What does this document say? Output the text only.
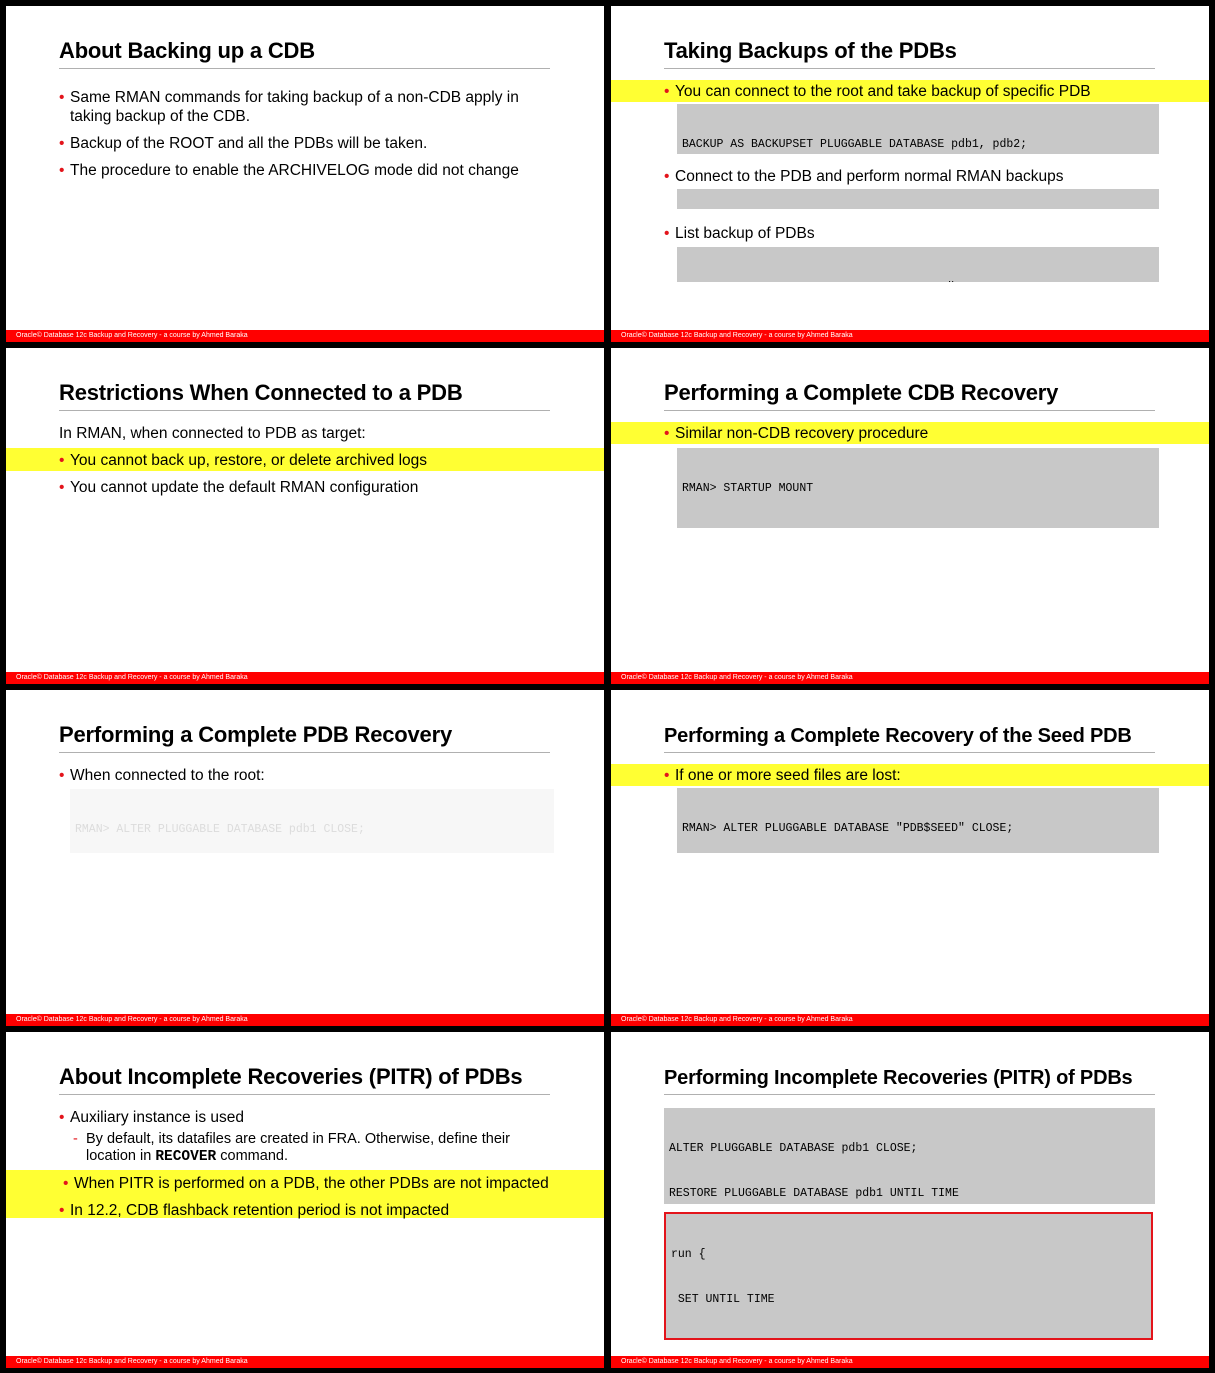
About Backing up a CDB
• Same RMAN commands for taking backup of a non-CDB apply in taking backup of the CDB.
• Backup of the ROOT and all the PDBs will be taken.
• The procedure to enable the ARCHIVELOG mode did not change
Oracle© Database 12c Backup and Recovery - a course by Ahmed Baraka
Taking Backups of the PDBs
• You can connect to the root and take backup of specific PDB

BACKUP AS BACKUPSET PLUGGABLE DATABASE pdb1, pdb2;

• Connect to the PDB and perform normal RMAN backups

• List backup of PDBs

Oracle© Database 12c Backup and Recovery - a course by Ahmed Baraka
Restrictions When Connected to a PDB
In RMAN, when connected to PDB as target:
• You cannot back up, restore, or delete archived logs
• You cannot update the default RMAN configuration
Oracle© Database 12c Backup and Recovery - a course by Ahmed Baraka
Performing a Complete CDB Recovery
• Similar non-CDB recovery procedure

RMAN> STARTUP MOUNT

Oracle© Database 12c Backup and Recovery - a course by Ahmed Baraka
Performing a Complete PDB Recovery
• When connected to the root:

RMAN> ALTER PLUGGABLE DATABASE pdb1 CLOSE;

Oracle© Database 12c Backup and Recovery - a course by Ahmed Baraka
Performing a Complete Recovery of the Seed PDB
• If one or more seed files are lost:

RMAN> ALTER PLUGGABLE DATABASE "PDB$SEED" CLOSE;

Oracle© Database 12c Backup and Recovery - a course by Ahmed Baraka
About Incomplete Recoveries (PITR) of PDBs
• Auxiliary instance is used
- By default, its datafiles are created in FRA. Otherwise, define their location in RECOVER command.
• When PITR is performed on a PDB, the other PDBs are not impacted
• In 12.2, CDB flashback retention period is not impacted
Oracle© Database 12c Backup and Recovery - a course by Ahmed Baraka
Performing Incomplete Recoveries (PITR) of PDBs

ALTER PLUGGABLE DATABASE pdb1 CLOSE;

RESTORE PLUGGABLE DATABASE pdb1 UNTIL TIME

run {

SET UNTIL TIME

Oracle© Database 12c Backup and Recovery - a course by Ahmed Baraka
